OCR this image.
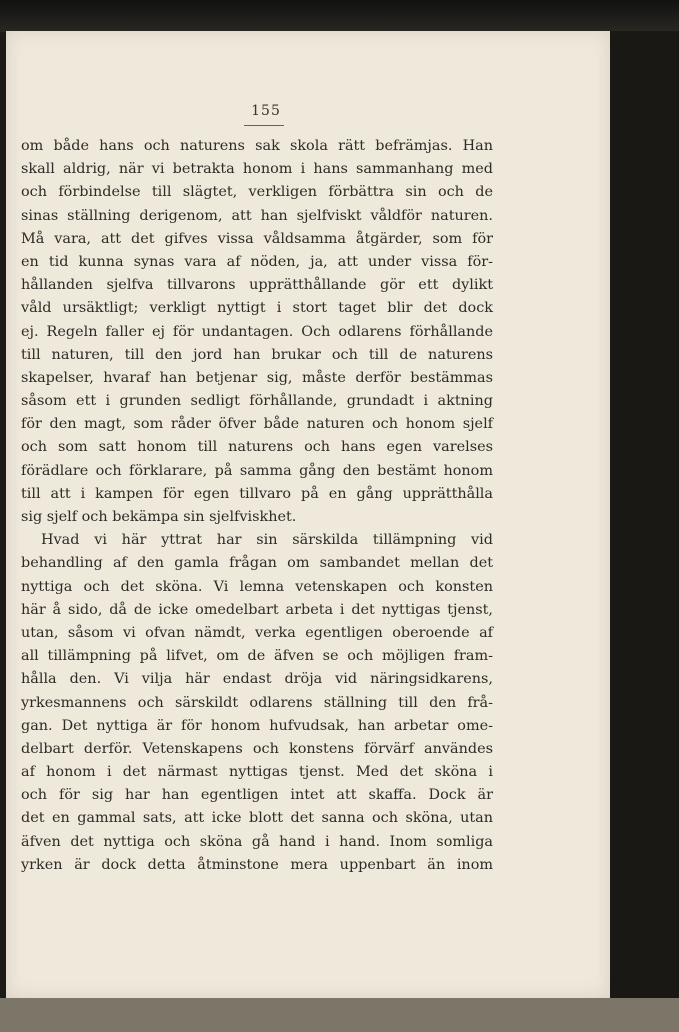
155
om både hans och naturens sak skola rätt befrämjas. Han
skall aldrig, när vi betrakta honom i hans sammanhang med
och förbindelse till slägtet, verkligen förbättra sin och de
sinas ställning derigenom, att han sjelfviskt våldför naturen.
Må vara, att det gifves vissa våldsamma åtgärder, som för
en tid kunna synas vara af nöden, ja, att under vissa för-
hållanden sjelfva tillvarons upprätthållande gör ett dylikt
våld ursäktligt; verkligt nyttigt i stort taget blir det dock
ej. Regeln faller ej för undantagen. Och odlarens förhållande
till naturen, till den jord han brukar och till de naturens
skapelser, hvaraf han betjenar sig, måste derför bestämmas
såsom ett i grunden sedligt förhållande, grundadt i aktning
för den magt, som råder öfver både naturen och honom sjelf
och som satt honom till naturens och hans egen varelses
förädlare och förklarare, på samma gång den bestämt honom
till att i kampen för egen tillvaro på en gång upprätthålla
sig sjelf och bekämpa sin sjelfviskhet.
Hvad vi här yttrat har sin särskilda tillämpning vid
behandling af den gamla frågan om sambandet mellan det
nyttiga och det sköna. Vi lemna vetenskapen och konsten
här å sido, då de icke omedelbart arbeta i det nyttigas tjenst,
utan, såsom vi ofvan nämdt, verka egentligen oberoende af
all tillämpning på lifvet, om de äfven se och möjligen fram-
hålla den. Vi vilja här endast dröja vid näringsidkarens,
yrkesmannens och särskildt odlarens ställning till den frå-
gan. Det nyttiga är för honom hufvudsak, han arbetar ome-
delbart derför. Vetenskapens och konstens förvärf användes
af honom i det närmast nyttigas tjenst. Med det sköna i
och för sig har han egentligen intet att skaffa. Dock är
det en gammal sats, att icke blott det sanna och sköna, utan
äfven det nyttiga och sköna gå hand i hand. Inom somliga
yrken är dock detta åtminstone mera uppenbart än inom
